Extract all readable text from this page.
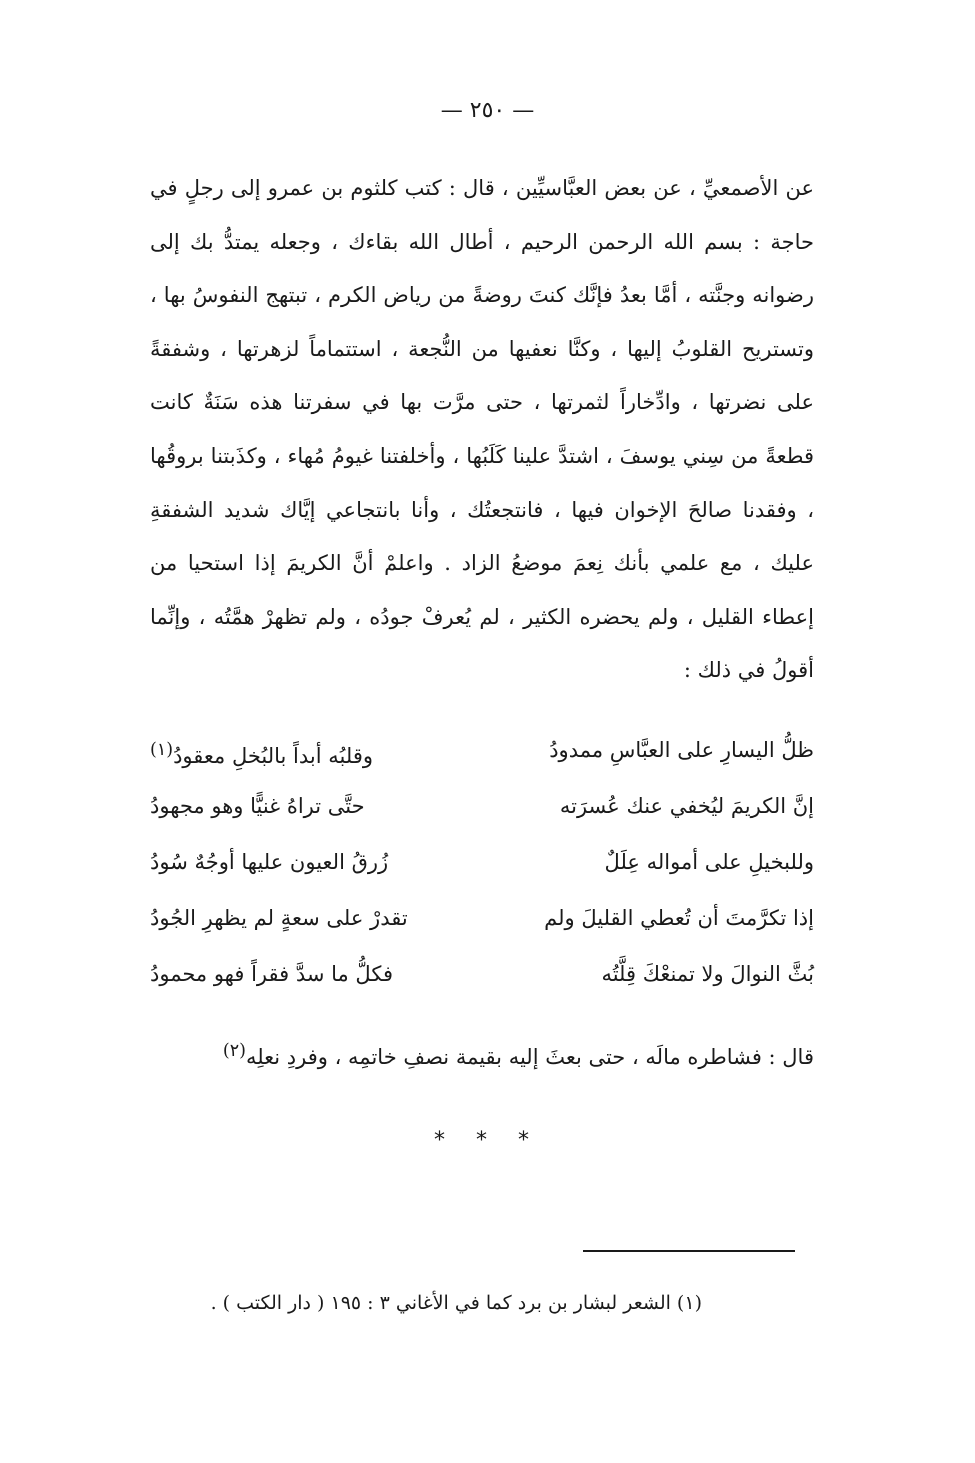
— ٢٥٠ —

عن الأصمعيِّ ، عن بعض العبَّاسيِّين ، قال : كتب كلثوم بن عمرو إلى رجلٍ في حاجة : بسم الله الرحمن الرحيم ، أطال الله بقاءك ، وجعله يمتدُّ بك إلى رضوانه وجنَّته ، أمَّا بعدُ فإنَّك كنتَ روضةً من رياض الكرم ، تبتهج النفوسُ بها ، وتستريح القلوبُ إليها ، وكنَّا نعفيها من النُّجعة ، استتماماً لزهرتها ، وشفقةً على نضرتها ، وادِّخاراً لثمرتها ، حتى مرَّت بها في سفرتنا هذه سَنَةٌ كانت قطعةً من سِني يوسفَ ، اشتدَّ علينا كَلَبُها ، وأخلفتنا غيومُ مُهاء ، وكذَبتنا بروقُها ، وفقدنا صالحَ الإخوان فيها ، فانتجعتُك ، وأنا بانتجاعي إيَّاك شديد الشفقةِ عليك ، مع علمي بأنك نِعمَ موضعُ الزاد . واعلمْ أنَّ الكريمَ إذا استحيا من إعطاء القليل ، ولم يحضره الكثير ، لم يُعرفْ جودُه ، ولم تظهرْ همَّتُه ، وإنِّما أقولُ في ذلك :

ظلُّ اليسارِ على العبَّاسِ ممدودُ
وقلبُه أبداً بالبُخلِ معقودُ$^{(١)}$
إنَّ الكريمَ ليُخفي عنك عُسرَته
حتَّى تراهُ غنيًّا وهو مجهودُ
وللبخيلِ على أمواله عِلَلٌ
زُرقُ العيون عليها أوجُهٌ سُودُ
إذا تكرَّمتَ أن تُعطي القليلَ ولم
تقدرْ على سعةٍ لم يظهرِ الجُودُ
بُثَّ النوالَ ولا تمنعْكَ قِلَّتُه
فكلُّ ما سدَّ فقراً فهو محمودُ
قال : فشاطره مالَه ، حتى بعثَ إليه بقيمة نصفِ خاتمِه ، وفردِ نعلِه$^{(٢)}$
* * *
(١) الشعر لبشار بن برد كما في الأغاني ٣ : ١٩٥ ( دار الكتب ) .
